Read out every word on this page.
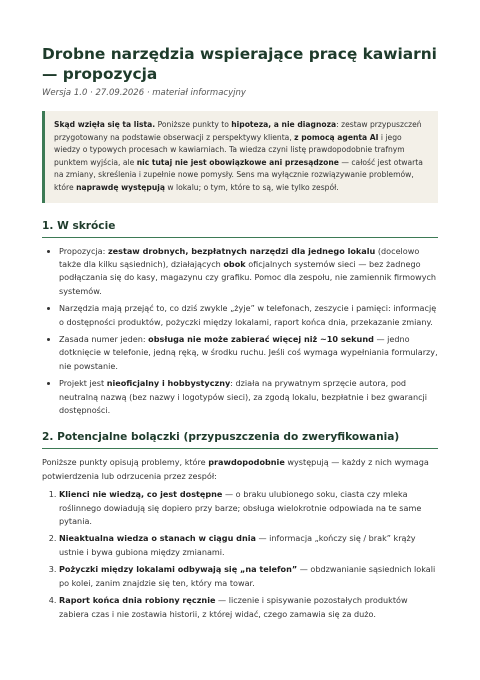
Drobne narzędzia wspierające pracę kawiarni — propozycja
Wersja 1.0 · 27.09.2026 · materiał informacyjny
Skąd wzięła się ta lista. Poniższe punkty to hipoteza, a nie diagnoza: zestaw przypuszczeń przygotowany na podstawie obserwacji z perspektywy klienta, z pomocą agenta AI i jego wiedzy o typowych procesach w kawiarniach. Ta wiedza czyni listę prawdopodobnie trafnym punktem wyjścia, ale nic tutaj nie jest obowiązkowe ani przesądzone — całość jest otwarta na zmiany, skreślenia i zupełnie nowe pomysły. Sens ma wyłącznie rozwiązywanie problemów, które naprawdę występują w lokalu; o tym, które to są, wie tylko zespół.
1. W skrócie
• Propozycja: zestaw drobnych, bezpłatnych narzędzi dla jednego lokalu (docelowo także dla kilku sąsiednich), działających obok oficjalnych systemów sieci — bez żadnego podłączania się do kasy, magazynu czy grafiku. Pomoc dla zespołu, nie zamiennik firmowych systemów.
• Narzędzia mają przejąć to, co dziś zwykle „żyje” w telefonach, zeszycie i pamięci: informację o dostępności produktów, pożyczki między lokalami, raport końca dnia, przekazanie zmiany.
• Zasada numer jeden: obsługa nie może zabierać więcej niż ~10 sekund — jedno dotknięcie w telefonie, jedną ręką, w środku ruchu. Jeśli coś wymaga wypełniania formularzy, nie powstanie.
• Projekt jest nieoficjalny i hobbystyczny: działa na prywatnym sprzęcie autora, pod neutralną nazwą (bez nazwy i logotypów sieci), za zgodą lokalu, bezpłatnie i bez gwarancji dostępności.
2. Potencjalne bolączki (przypuszczenia do zweryfikowania)

Poniższe punkty opisują problemy, które prawdopodobnie występują — każdy z nich wymaga potwierdzenia lub odrzucenia przez zespół:

1. Klienci nie wiedzą, co jest dostępne — o braku ulubionego soku, ciasta czy mleka roślinnego dowiadują się dopiero przy barze; obsługa wielokrotnie odpowiada na te same pytania.
2. Nieaktualna wiedza o stanach w ciągu dnia — informacja „kończy się / brak” krąży ustnie i bywa gubiona między zmianami.
3. Pożyczki między lokalami odbywają się „na telefon” — obdzwanianie sąsiednich lokali po kolei, zanim znajdzie się ten, który ma towar.
4. Raport końca dnia robiony ręcznie — liczenie i spisywanie pozostałych produktów zabiera czas i nie zostawia historii, z której widać, czego zamawia się za dużo.
